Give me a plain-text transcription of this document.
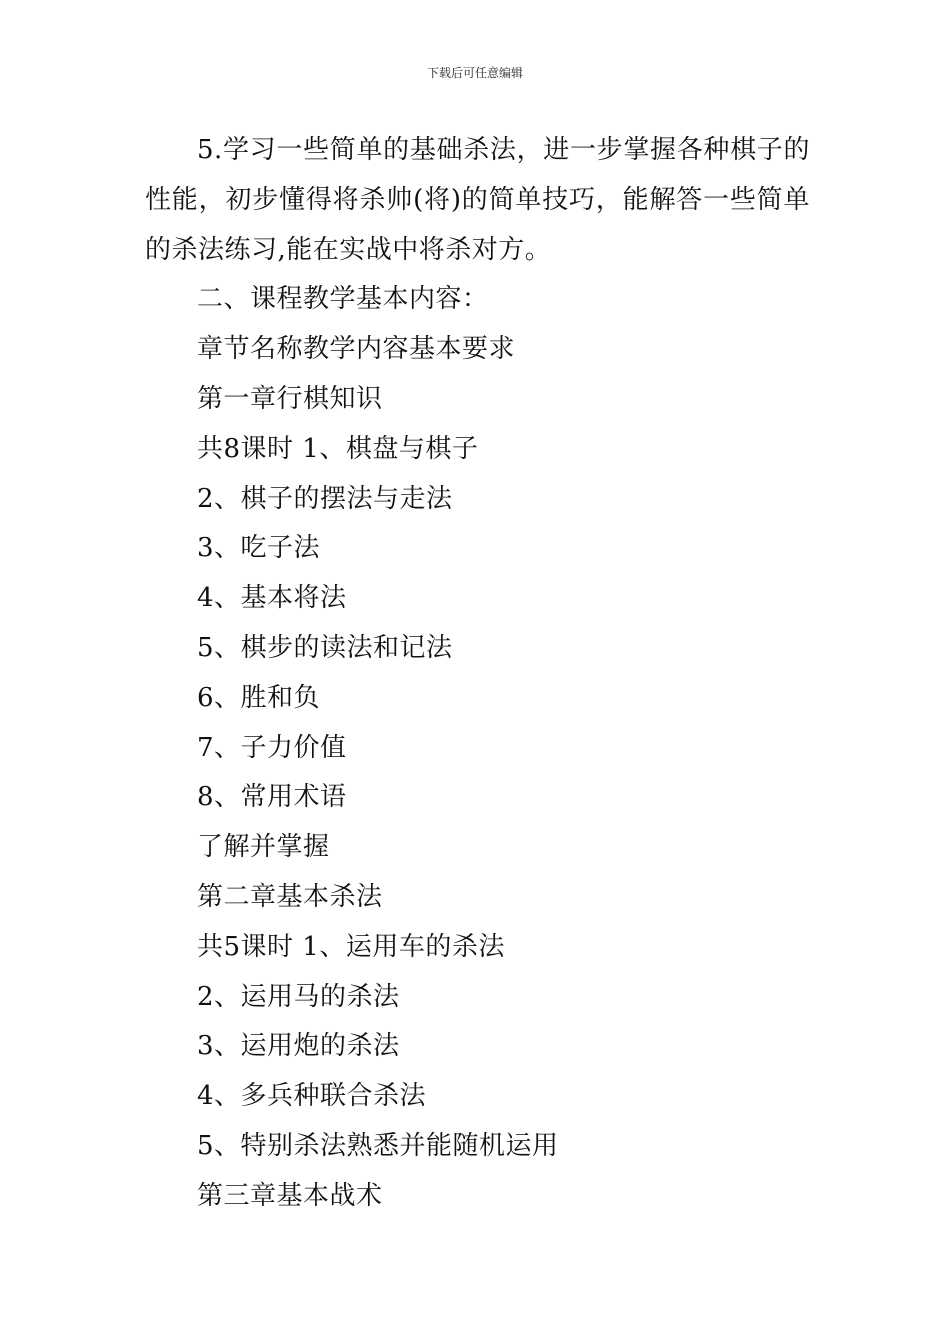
下载后可任意编辑

5.学习一些简单的基础杀法，进一步掌握各种棋子的性能，初步懂得将杀帅(将)的简单技巧，能解答一些简单的杀法练习,能在实战中将杀对方。

二、课程教学基本内容：

章节名称教学内容基本要求

第一章行棋知识

共8课时 1、棋盘与棋子

2、棋子的摆法与走法

3、吃子法

4、基本将法

5、棋步的读法和记法

6、胜和负

7、子力价值

8、常用术语

了解并掌握

第二章基本杀法

共5课时 1、运用车的杀法

2、运用马的杀法

3、运用炮的杀法

4、多兵种联合杀法

5、特别杀法熟悉并能随机运用

第三章基本战术
